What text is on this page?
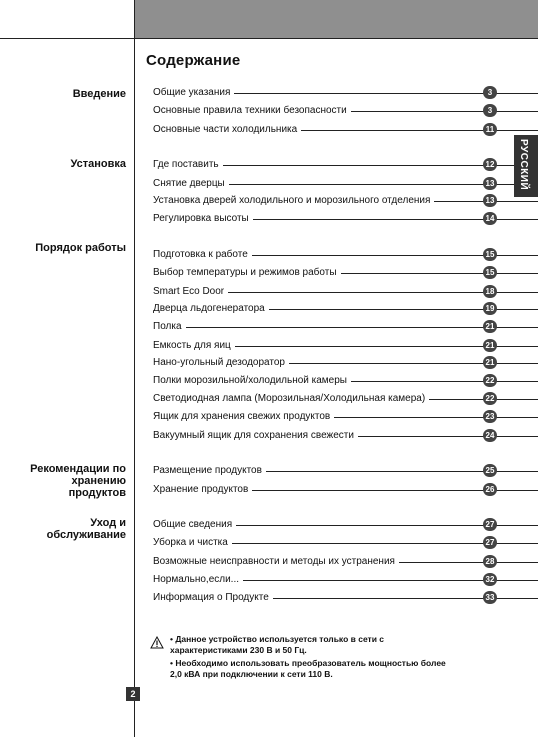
Содержание
Введение
Установка
Порядок работы
Рекомендации по
хранению
продуктов
Уход и
обслуживание
Общие указания	3
Основные правила техники безопасности	3
Основные части холодильника	11
Где поставить	12
Снятие дверцы	13
Установка дверей холодильного и морозильного отделения	13
Регулировка высоты	14
Подготовка к работе	15
Выбор температуры и режимов работы	15
Smart Eco Door	18
Дверца льдогенератора	19
Полка	21
Емкость для яиц	21
Нано-угольный дезодоратор	21
Полки морозильной/холодильной камеры	22
Светодиодная лампа (Морозильная/Холодильная камера)	22
Ящик для хранения свежих продуктов	23
Вакуумный ящик для сохранения свежести	24
Размещение продуктов	25
Хранение продуктов	26
Общие сведения	27
Уборка и чистка	27
Возможные неисправности и методы их устранения	28
Нормально,если...	32
Информация о Продукте	33
РУССКИЙ
• Данное устройство используется только в сети с
характеристиками 230 В и 50 Гц.
• Необходимо использовать преобразователь мощностью более
2,0 кВА при подключении к сети 110 В.
2
